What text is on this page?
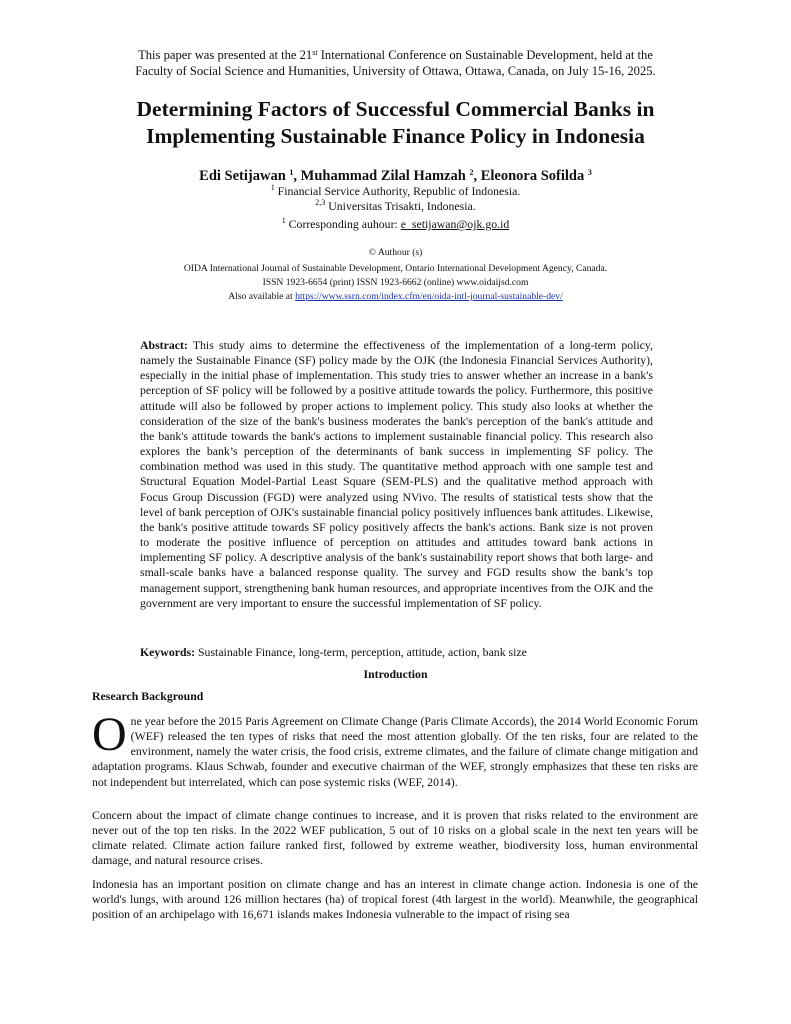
This paper was presented at the 21st International Conference on Sustainable Development, held at the
Faculty of Social Science and Humanities, University of Ottawa, Ottawa, Canada, on July 15-16, 2025.
Determining Factors of Successful Commercial Banks in
Implementing Sustainable Finance Policy in Indonesia
Edi Setijawan $^1$, Muhammad Zilal Hamzah $^2$, Eleonora Sofilda $^3$
$^1$ Financial Service Authority, Republic of Indonesia.
$^{2,3}$ Universitas Trisakti, Indonesia.
$^1$ Corresponding auhour: e_setijawan@ojk.go.id
© Authour (s)
OIDA International Journal of Sustainable Development, Ontario International Development Agency, Canada.
ISSN 1923-6654 (print) ISSN 1923-6662 (online) www.oidaijsd.com
Also available at https://www.ssrn.com/index.cfm/en/oida-intl-journal-sustainable-dev/
Abstract: This study aims to determine the effectiveness of the implementation of a long-term policy, namely the Sustainable Finance (SF) policy made by the OJK (the Indonesia Financial Services Authority), especially in the initial phase of implementation. This study tries to answer whether an increase in a bank's perception of SF policy will be followed by a positive attitude towards the policy. Furthermore, this positive attitude will also be followed by proper actions to implement policy. This study also looks at whether the consideration of the size of the bank's business moderates the bank's perception of the bank's attitude and the bank's attitude towards the bank's actions to implement sustainable financial policy. This research also explores the bank’s perception of the determinants of bank success in implementing SF policy. The combination method was used in this study. The quantitative method approach with one sample test and Structural Equation Model-Partial Least Square (SEM-PLS) and the qualitative method approach with Focus Group Discussion (FGD) were analyzed using NVivo. The results of statistical tests show that the level of bank perception of OJK's sustainable financial policy positively influences bank attitudes. Likewise, the bank's positive attitude towards SF policy positively affects the bank's actions. Bank size is not proven to moderate the positive influence of perception on attitudes and attitudes toward bank actions in implementing SF policy. A descriptive analysis of the bank's sustainability report shows that both large- and small-scale banks have a balanced response quality. The survey and FGD results show the bank’s top management support, strengthening bank human resources, and appropriate incentives from the OJK and the government are very important to ensure the successful implementation of SF policy.
Keywords: Sustainable Finance, long-term, perception, attitude, action, bank size
Introduction
Research Background
One year before the 2015 Paris Agreement on Climate Change (Paris Climate Accords), the 2014 World Economic Forum (WEF) released the ten types of risks that need the most attention globally. Of the ten risks, four are related to the environment, namely the water crisis, the food crisis, extreme climates, and the failure of climate change mitigation and adaptation programs. Klaus Schwab, founder and executive chairman of the WEF, strongly emphasizes that these ten risks are not independent but interrelated, which can pose systemic risks (WEF, 2014).
Concern about the impact of climate change continues to increase, and it is proven that risks related to the environment are never out of the top ten risks. In the 2022 WEF publication, 5 out of 10 risks on a global scale in the next ten years will be climate related. Climate action failure ranked first, followed by extreme weather, biodiversity loss, human environmental damage, and natural resource crises.
Indonesia has an important position on climate change and has an interest in climate change action. Indonesia is one of the world's lungs, with around 126 million hectares (ha) of tropical forest (4th largest in the world). Meanwhile, the geographical position of an archipelago with 16,671 islands makes Indonesia vulnerable to the impact of rising sea
